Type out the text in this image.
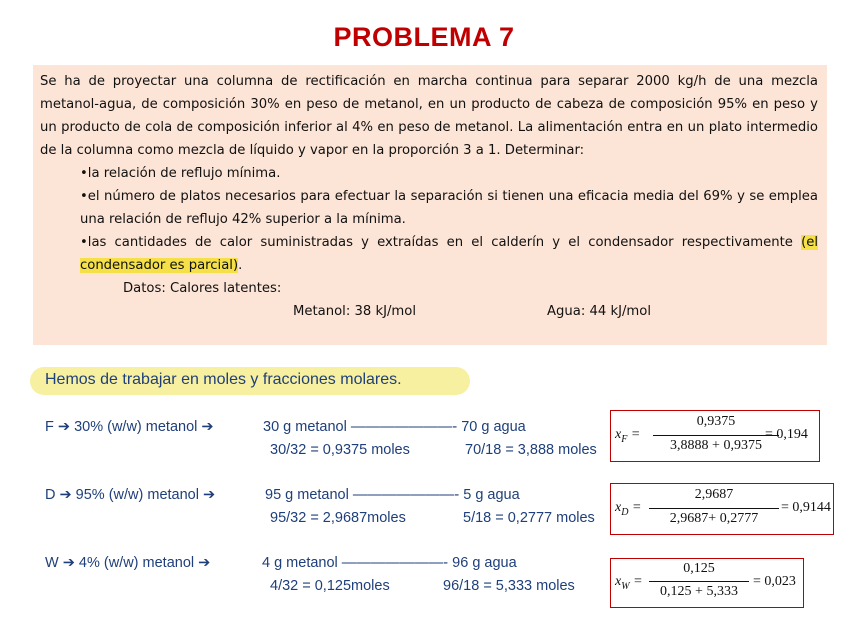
PROBLEMA 7

Se ha de proyectar una columna de rectificación en marcha continua para separar 2000 kg/h de una mezcla metanol-agua, de composición 30% en peso de metanol, en un producto de cabeza de composición 95% en peso y un producto de cola de composición inferior al 4% en peso de metanol. La alimentación entra en un plato intermedio de la columna como mezcla de líquido y vapor en la proporción 3 a 1. Determinar:

•la relación de reflujo mínima.

•el número de platos necesarios para efectuar la separación si tienen una eficacia media del 69% y se emplea una relación de reflujo 42% superior a la mínima.

•las cantidades de calor suministradas y extraídas en el calderín y el condensador respectivamente (el condensador es parcial).

Datos: Calores latentes:

Metanol: 38 kJ/mol	Agua: 44 kJ/mol
Hemos de trabajar en moles y fracciones molares.
F ➔ 30% (w/w) metanol ➔	30 g metanol ———————- 70 g agua
30/32 = 0,9375 moles	70/18 = 3,888 moles
$x_F$ =
0,9375
3,8888 + 0,9375
= 0,194
D ➔ 95% (w/w) metanol ➔	95 g metanol ———————- 5 g agua
95/32 = 2,9687moles	5/18 = 0,2777 moles
$x_D$ =
2,9687
2,9687+ 0,2777
= 0,9144
W ➔ 4% (w/w) metanol ➔	4 g metanol ———————- 96 g agua
4/32 = 0,125moles	96/18 = 5,333 moles	$x_W$ =
0,125
0,125 + 5,333
= 0,023
